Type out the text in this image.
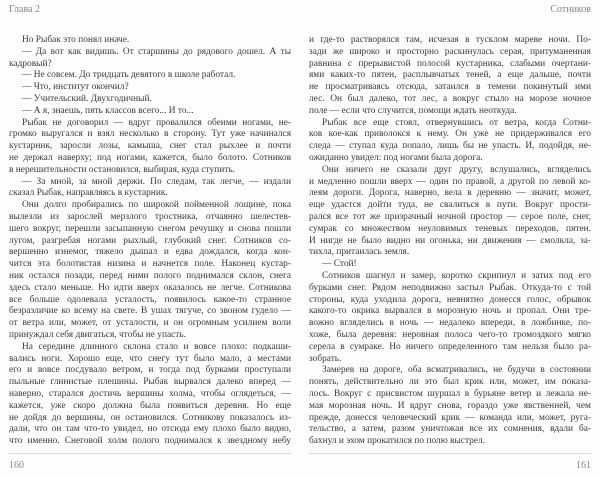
Глава 2
Но Рыбак это понял иначе.
— Да вот как видишь. От старшины до рядового дошел. А ты
кадровый?
— Не совсем. До тридцать девятого в школе работал.
— Что, институт окончил?
— Учительский. Двухгодичный.
— А я, знаешь, пять классов всего... И то...
Рыбак не договорил — вдруг провалился обеими ногами, не-
громко выругался и взял несколько в сторону. Тут уже начинался
кустарник, заросли лозы, камыша, снег стал рыхлее и почти
не держал наверху; под ногами, кажется, было болото. Сотников
в нерешительности остановился, выбирая, куда ступить.
— За мной, за мной держи. По следам, так легче, — издали
сказал Рыбак, направляясь в кустарник.
Они долго пробирались по широкой пойменной лощине, пока
вылезли из зарослей мерзлого тростника, отчаянно шелестев-
шего вокруг, перешли засыпанную снегом речушку и снова пошли
лугом, разгребая ногами рыхлый, глубокий снег. Сотников со-
вершенно изнемог, тяжело дышал и едва дождался, когда кон-
чится эта болотистая низина и начнется поле. Наконец кустар-
ник остался позади, перед ними полого поднимался склон, снега
здесь стало меньше. Но идти вверх оказалось не легче. Сотникова
все больше одолевала усталость, появилось какое-то странное
безразличие ко всему на свете. В ушах тягуче, со звоном гудело —
от ветра или, может, от усталости, и он огромным усилием воли
принуждал себя двигаться, чтобы не упасть.
На середине длинного склона стало и вовсе плохо: подкаши-
вались ноги. Хорошо еще, что снегу тут было мало, а местами
его и вовсе посдувало ветром, и тогда под бурками проступали
пыльные глинистые плешины. Рыбак вырвался далеко вперед —
наверно, старался достичь вершины холма, чтобы оглядеться, —
кажется, уже скоро должна была появиться деревня. Но еще
не дойдя до вершины, он остановился. Сотникову показалось из-
дали, что он там что-то увидел, но отсюда ему плохо было видно,
что именно. Снеговой холм полого поднимался к звездному небу
160
Сотников
и где-то растворялся там, исчезая в тусклом мареве ночи. По-
зади же широко и просторно раскинулась серая, притуманенная
равнина с прерывистой полосой кустарника, слабыми очертани-
ями каких-то пятен, расплывчатых теней, а еще дальше, почти
не просматриваясь отсюда, затаился в темени покинутый ими
лес. Он был далеко, тот лес, а вокруг стыло на морозе ночное
поле — если что случится, помощи ждать неоткуда.
Рыбак все еще стоял, отвернувшись от ветра, когда Сотни-
ков кое-как приволокся к нему. Он уже не придерживался его
следа — ступал куда попало, лишь бы не упасть. И, подойдя, не-
ожиданно увидел: под ногами была дорога.
Они ничего не сказали друг другу, вслушались, вгляделись
и медленно пошли вверх — один по правой, а другой по левой ко-
леям дороги. Дорога, наверно, вела в деревню — значит, может,
еще удастся дойти туда, не свалиться в пути. Вокруг прости-
рался все тот же призрачный ночной простор — серое поле, снег,
сумрак со множеством неуловимых теневых переходов, пятен.
И нигде не было видно ни огонька, ни движения — смолкла, за-
тихла, притаилась земля.
— Стой!
Сотников шагнул и замер, коротко скрипнул и затих под его
бурками снег. Рядом неподвижно застыл Рыбак. Откуда-то с той
стороны, куда уходила дорога, невнятно донесся голос, обрывок
какого-то окрика вырвался в морозную ночь и пропал. Они тре-
вожно вгляделись в ночь — недалеко впереди, в ложбинке, по-
хоже, была деревня: неровная полоса чего-то громоздкого мягко
серела в сумраке. Но ничего определенного там нельзя было ра-
зобрать.
Замерев на дороге, оба всматривались, не будучи в состоянии
понять, действительно ли это был крик или, может, им показа-
лось. Вокруг с присвистом шуршал в бурьяне ветер и лежала не-
мая морозная ночь. И вдруг снова, гораздо уже явственней, чем
прежде, донесся человеческий крик — команда или, может, руга-
тельство, а затем, разом уничтожая все их сомнения, вдали ба-
бахнул и эхом прокатился по полю выстрел.
161
